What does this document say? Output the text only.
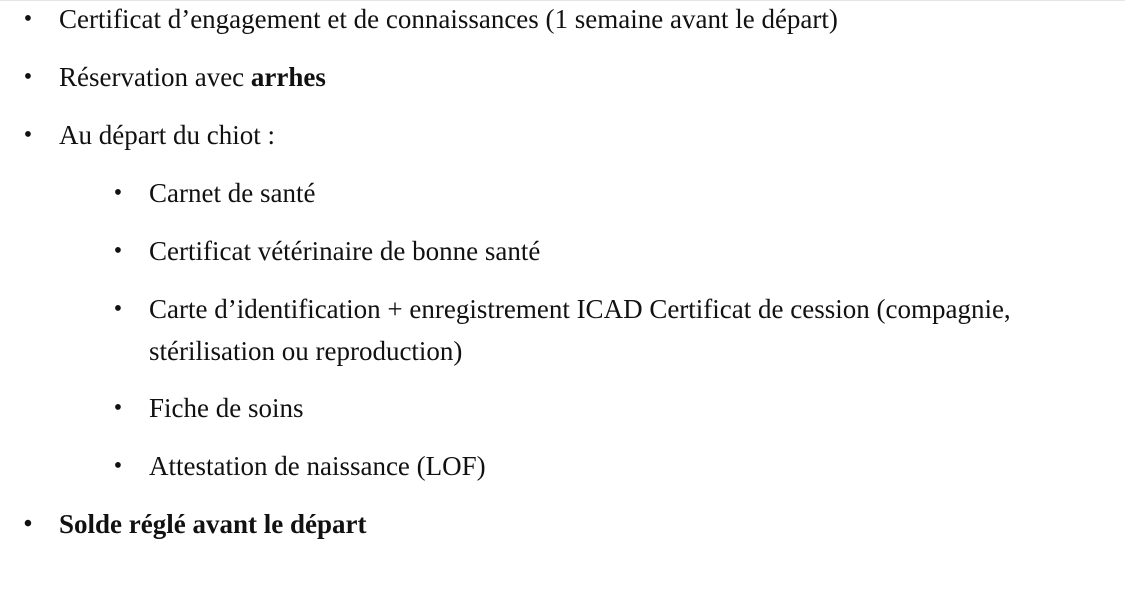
• Certificat d’engagement et de connaissances (1 semaine avant le départ)
• Réservation avec arrhes
• Au départ du chiot :
• Carnet de santé
• Certificat vétérinaire de bonne santé
• Carte d’identification + enregistrement ICAD Certificat de cession (compagnie, stérilisation ou reproduction)
• Fiche de soins
• Attestation de naissance (LOF)
• Solde réglé avant le départ
